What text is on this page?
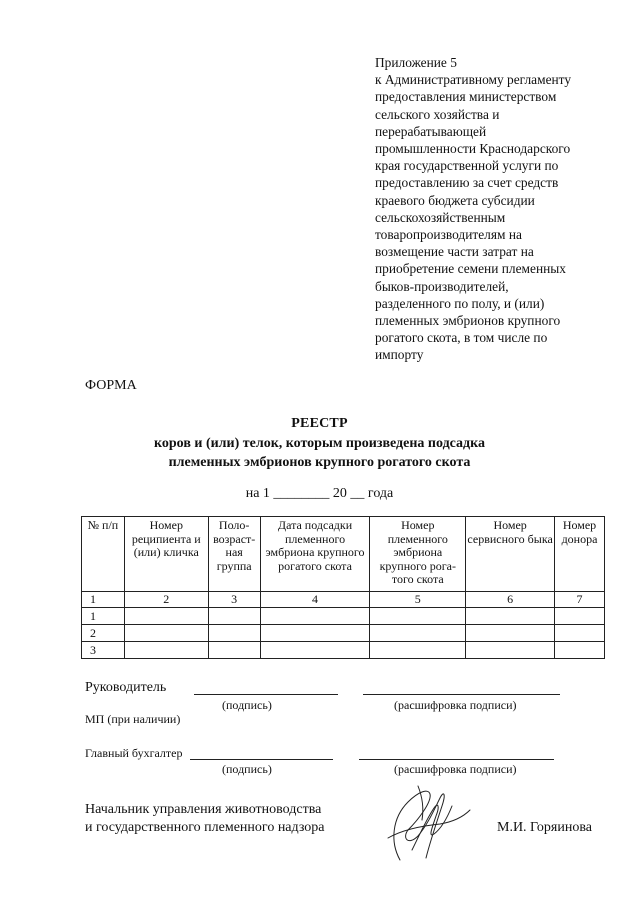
Приложение 5
к Административному регламенту
предоставления министерством
сельского хозяйства и
перерабатывающей
промышленности Краснодарского
края государственной услуги по
предоставлению за счет средств
краевого бюджета субсидии
сельскохозяйственным
товаропроизводителям на
возмещение части затрат на
приобретение семени племенных
быков-производителей,
разделенного по полу, и (или)
племенных эмбрионов крупного
рогатого скота, в том числе по
импорту
ФОРМА
РЕЕСТР
коров и (или) телок, которым произведена подсадка
племенных эмбрионов крупного рогатого скота
на 1 ________ 20 __ года
№ п/п	Номер реципиента и (или) кличка	Поло-возраст-ная группа	Дата подсадки племенного эмбриона крупного рогатого скота	Номер племенного эмбриона крупного рога-того скота	Номер сервисного быка	Номер донора
1	2	3	4	5	6	7
1						
2						
3						
Руководитель
(подпись)	(расшифровка подписи)
МП (при наличии)
Главный бухгалтер
(подпись)	(расшифровка подписи)
Начальник управления животноводства
и государственного племенного надзора	М.И. Горяинова
